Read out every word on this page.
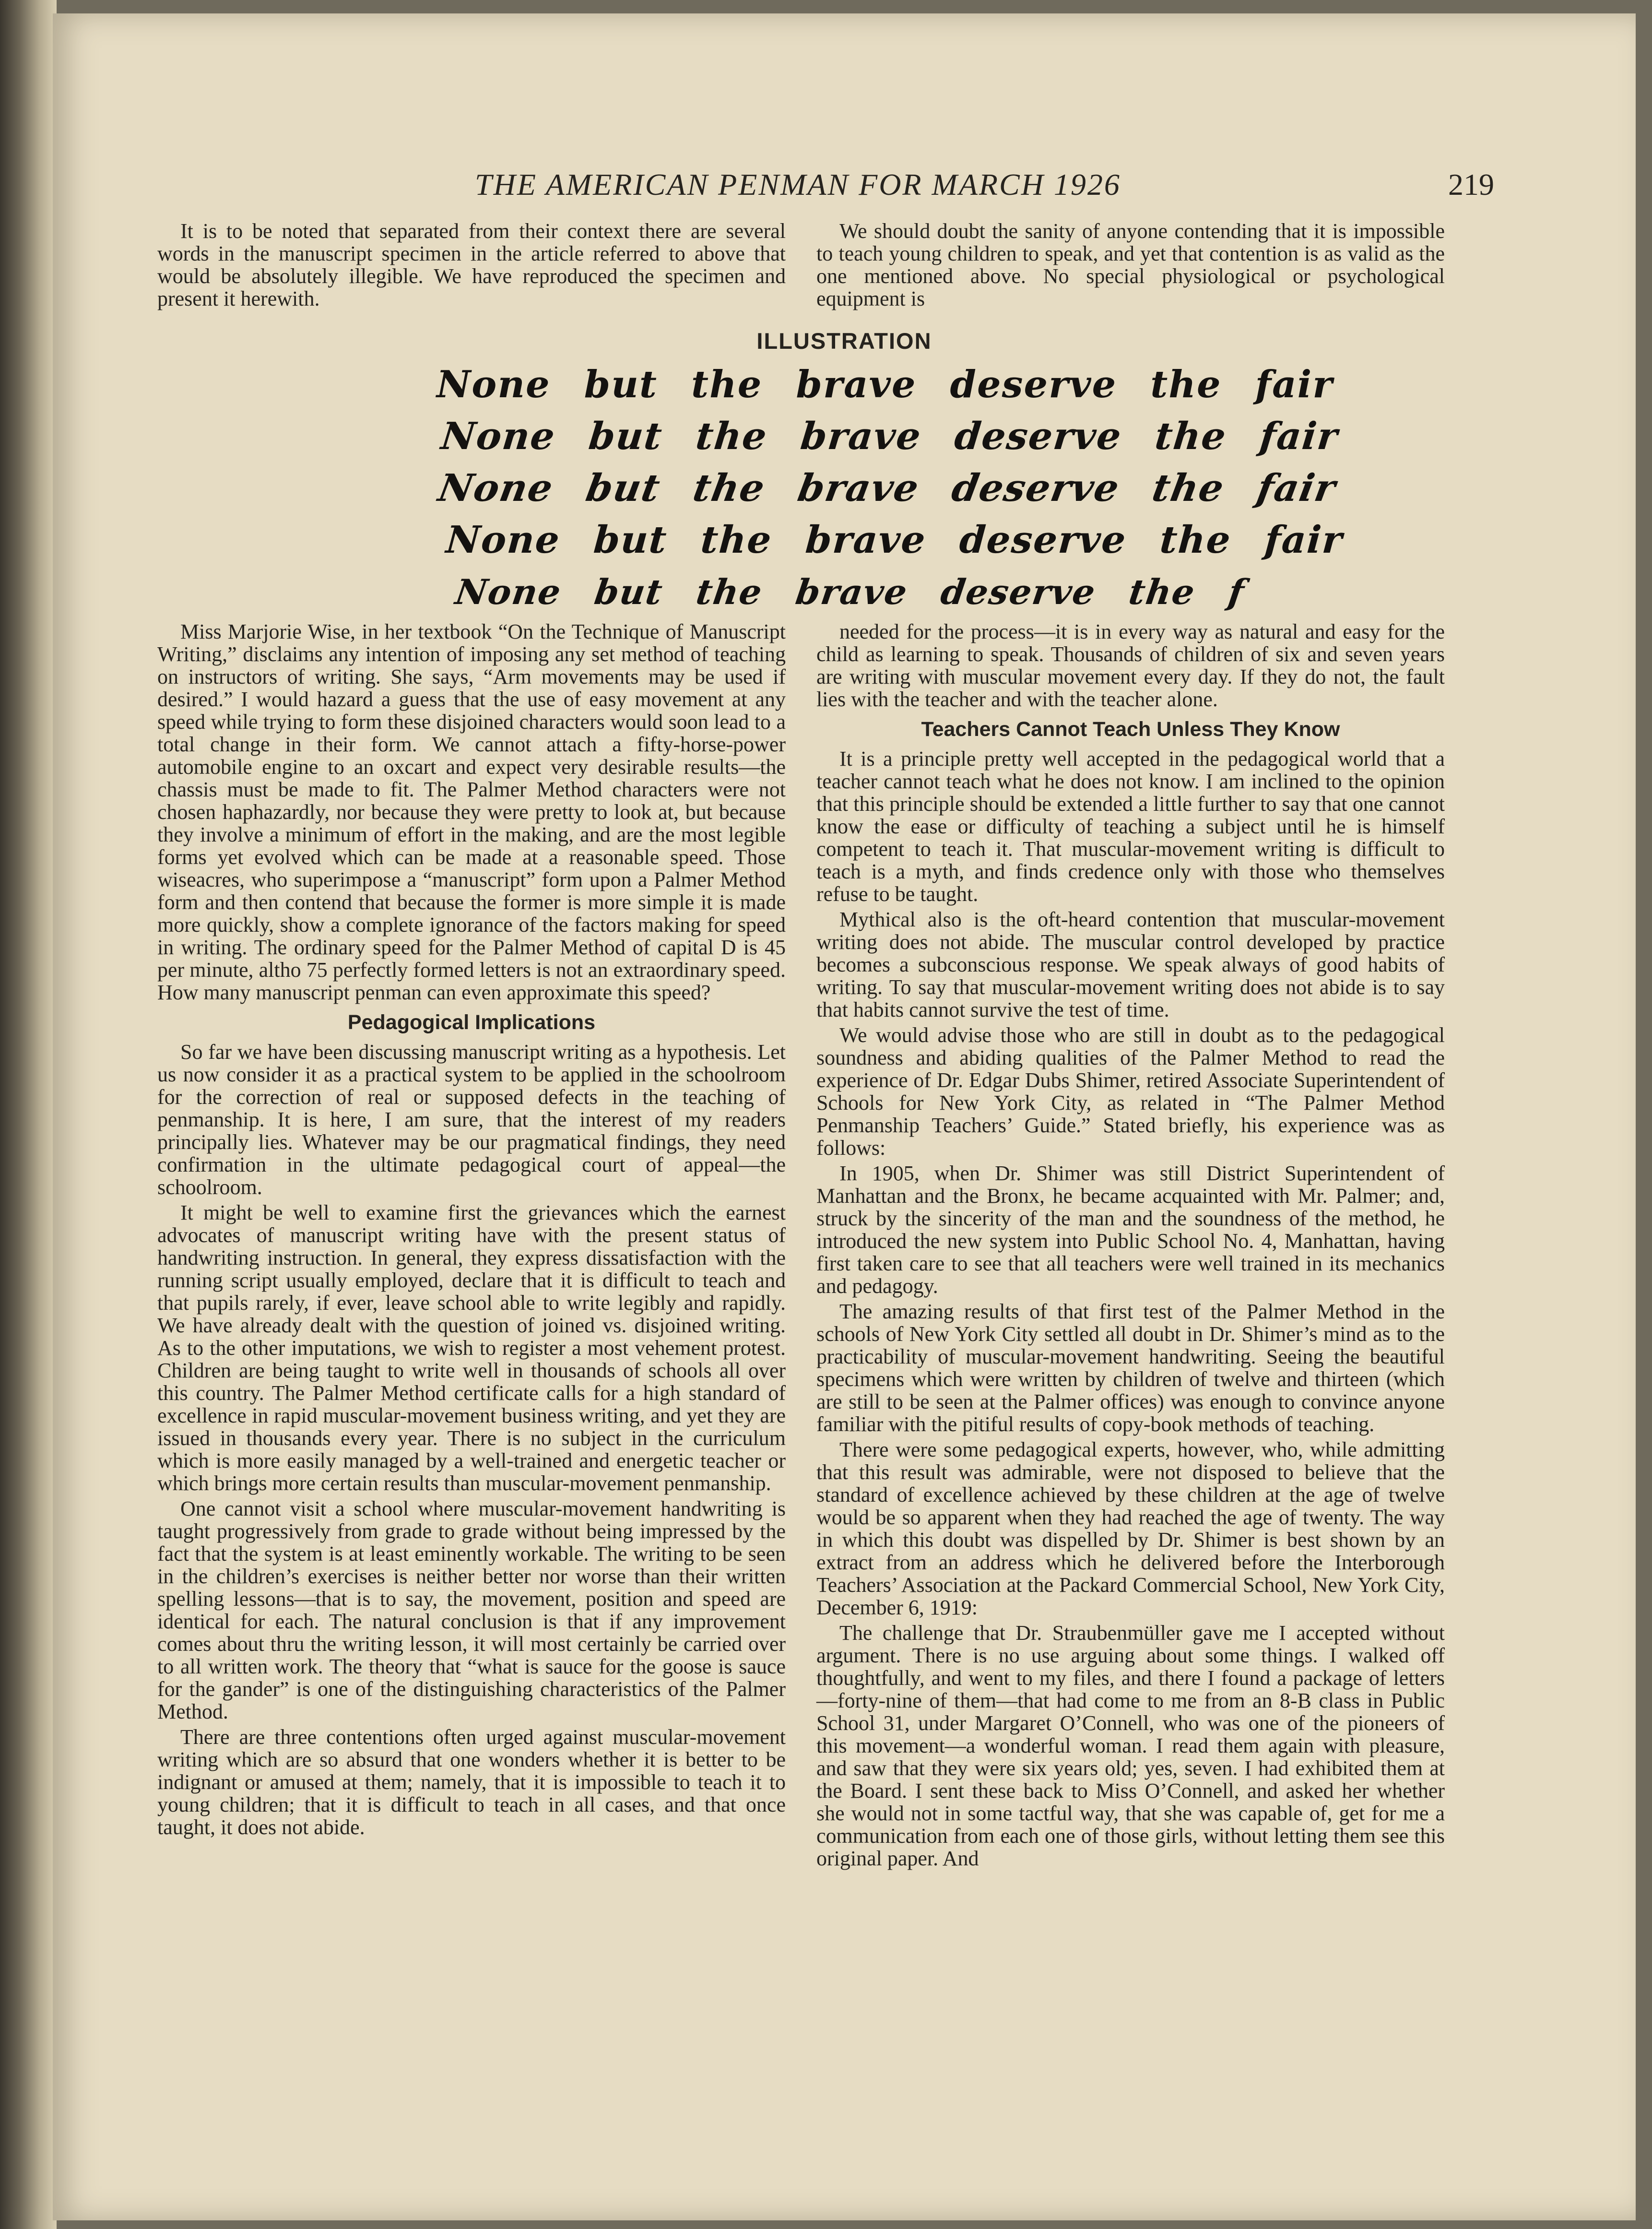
THE AMERICAN PENMAN FOR MARCH 1926	219

It is to be noted that separated from their context there are several words in the manuscript specimen in the article referred to above that would be absolutely illegible. We have reproduced the specimen and present it herewith.

We should doubt the sanity of anyone contending that it is impossible to teach young children to speak, and yet that contention is as valid as the one mentioned above. No special physiological or psychological equipment is

ILLUSTRATION
None but the brave deserve the fair
None but the brave deserve the fair
None but the brave deserve the fair
None but the brave deserve the fair
None but the brave deserve the f

Miss Marjorie Wise, in her textbook “On the Technique of Manuscript Writing,” disclaims any intention of imposing any set method of teaching on instructors of writing. She says, “Arm movements may be used if desired.” I would hazard a guess that the use of easy movement at any speed while trying to form these disjoined characters would soon lead to a total change in their form. We cannot attach a fifty-horse-power automobile engine to an oxcart and expect very desirable results—the chassis must be made to fit. The Palmer Method characters were not chosen haphazardly, nor because they were pretty to look at, but because they involve a minimum of effort in the making, and are the most legible forms yet evolved which can be made at a reasonable speed. Those wiseacres, who superimpose a “manuscript” form upon a Palmer Method form and then contend that because the former is more simple it is made more quickly, show a complete ignorance of the factors making for speed in writing. The ordinary speed for the Palmer Method of capital D is 45 per minute, altho 75 perfectly formed letters is not an extraordinary speed. How many manuscript penman can even approximate this speed?

Pedagogical Implications

So far we have been discussing manuscript writing as a hypothesis. Let us now consider it as a practical system to be applied in the schoolroom for the correction of real or supposed defects in the teaching of penmanship. It is here, I am sure, that the interest of my readers principally lies. Whatever may be our pragmatical findings, they need confirmation in the ultimate pedagogical court of appeal—the schoolroom.

It might be well to examine first the grievances which the earnest advocates of manuscript writing have with the present status of handwriting instruction. In general, they express dissatisfaction with the running script usually employed, declare that it is difficult to teach and that pupils rarely, if ever, leave school able to write legibly and rapidly. We have already dealt with the question of joined vs. disjoined writing. As to the other imputations, we wish to register a most vehement protest. Children are being taught to write well in thousands of schools all over this country. The Palmer Method certificate calls for a high standard of excellence in rapid muscular-movement business writing, and yet they are issued in thousands every year. There is no subject in the curriculum which is more easily managed by a well-trained and energetic teacher or which brings more certain results than muscular-movement penmanship.

One cannot visit a school where muscular-movement handwriting is taught progressively from grade to grade without being impressed by the fact that the system is at least eminently workable. The writing to be seen in the children’s exercises is neither better nor worse than their written spelling lessons—that is to say, the movement, position and speed are identical for each. The natural conclusion is that if any improvement comes about thru the writing lesson, it will most certainly be carried over to all written work. The theory that “what is sauce for the goose is sauce for the gander” is one of the distinguishing characteristics of the Palmer Method.

There are three contentions often urged against muscular-movement writing which are so absurd that one wonders whether it is better to be indignant or amused at them; namely, that it is impossible to teach it to young children; that it is difficult to teach in all cases, and that once taught, it does not abide.

needed for the process—it is in every way as natural and easy for the child as learning to speak. Thousands of children of six and seven years are writing with muscular movement every day. If they do not, the fault lies with the teacher and with the teacher alone.

Teachers Cannot Teach Unless They Know

It is a principle pretty well accepted in the pedagogical world that a teacher cannot teach what he does not know. I am inclined to the opinion that this principle should be extended a little further to say that one cannot know the ease or difficulty of teaching a subject until he is himself competent to teach it. That muscular-movement writing is difficult to teach is a myth, and finds credence only with those who themselves refuse to be taught.

Mythical also is the oft-heard contention that muscular-movement writing does not abide. The muscular control developed by practice becomes a subconscious response. We speak always of good habits of writing. To say that muscular-movement writing does not abide is to say that habits cannot survive the test of time.

We would advise those who are still in doubt as to the pedagogical soundness and abiding qualities of the Palmer Method to read the experience of Dr. Edgar Dubs Shimer, retired Associate Superintendent of Schools for New York City, as related in “The Palmer Method Penmanship Teachers’ Guide.” Stated briefly, his experience was as follows:

In 1905, when Dr. Shimer was still District Superintendent of Manhattan and the Bronx, he became acquainted with Mr. Palmer; and, struck by the sincerity of the man and the soundness of the method, he introduced the new system into Public School No. 4, Manhattan, having first taken care to see that all teachers were well trained in its mechanics and pedagogy.

The amazing results of that first test of the Palmer Method in the schools of New York City settled all doubt in Dr. Shimer’s mind as to the practicability of muscular-movement handwriting. Seeing the beautiful specimens which were written by children of twelve and thirteen (which are still to be seen at the Palmer offices) was enough to convince anyone familiar with the pitiful results of copy-book methods of teaching.

There were some pedagogical experts, however, who, while admitting that this result was admirable, were not disposed to believe that the standard of excellence achieved by these children at the age of twelve would be so apparent when they had reached the age of twenty. The way in which this doubt was dispelled by Dr. Shimer is best shown by an extract from an address which he delivered before the Interborough Teachers’ Association at the Packard Commercial School, New York City, December 6, 1919:

The challenge that Dr. Straubenmüller gave me I accepted without argument. There is no use arguing about some things. I walked off thoughtfully, and went to my files, and there I found a package of letters—forty-nine of them—that had come to me from an 8-B class in Public School 31, under Margaret O’Connell, who was one of the pioneers of this movement—a wonderful woman. I read them again with pleasure, and saw that they were six years old; yes, seven. I had exhibited them at the Board. I sent these back to Miss O’Connell, and asked her whether she would not in some tactful way, that she was capable of, get for me a communication from each one of those girls, without letting them see this original paper. And
